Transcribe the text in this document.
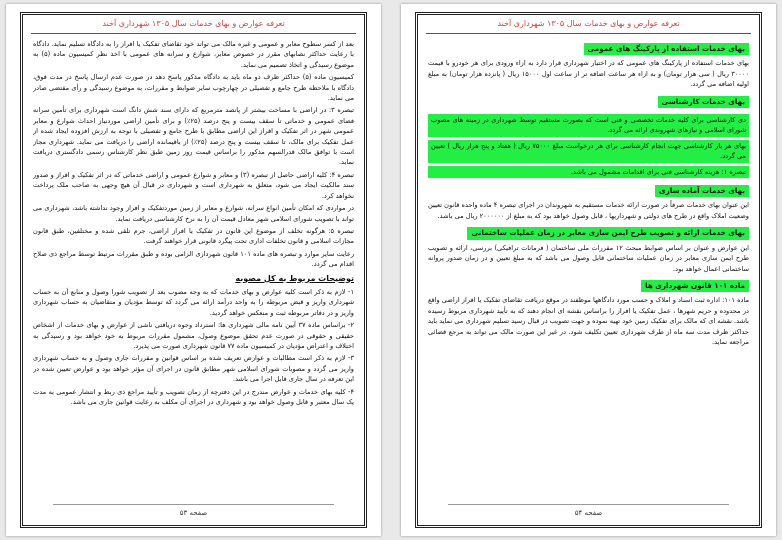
تعرفه عوارض و بهای خدمات سال ۱۳۰۵ شهرداری آخند

بعد از کسر سطوح معابر و عمومی و غیره مالک می تواند خود تقاضای تفکیک یا افراز را به دادگاه تسلیم نماید. دادگاه با رعایت حداکثر نصابهای مقرر در خصوص معابر، شوارع و سرانه های عمومی با اخذ نظر کمیسیون ماده (۵) به موضوع رسیدگی و اتخاذ تصمیم می نماید.

کمیسیون ماده (۵) حداکثر ظرف دو ماه باید به دادگاه مذکور پاسخ دهد در صورت عدم ارسال پاسخ در مدت فوق، دادگاه با ملاحظه طرح جامع و تفصیلی در چهارچوب سایر ضوابط و مقررات، به موضوع رسیدگی و رأی مقتضی صادر می نماید.

تبصره ۳: در اراضی با مساحت بیشتر از پانصد مترمربع که دارای سند شش دانگ است شهرداری برای تأمین سرانه فضای عمومی و خدماتی تا سقف بیست و پنج درصد (۲۵٪) و برای تأمین اراضی موردنیاز احداث شوارع و معابر عمومی شهر در اثر تفکیک و افراز این اراضی مطابق با طرح جامع و تفصیلی با توجه به ارزش افزوده ایجاد شده از عمل تفکیک برای مالک، تا سقف بیست و پنج درصد (۲۵٪) از باقیمانده اراضی را دریافت می نماید. شهرداری مجاز است با توافق مالک قدرالسهم مذکور را براساس قیمت روز زمین طبق نظر کارشناس رسمی دادگستری دریافت نماید.

تبصره ۴: کلیه اراضی حاصل از تبصره (۳) و معابر و شوارع عمومی و اراضی خدماتی که در اثر تفکیک و افراز و صدور سند مالکیت ایجاد می شود، متعلق به شهرداری است و شهرداری در قبال آن هیچ وجهی به صاحب ملک پرداخت نخواهد کرد.

در مواردی که امکان تأمین انواع سرانه، شوارع و معابر از زمین موردتفکیک و افراز وجود نداشته باشد، شهرداری می تواند با تصویب شورای اسلامی شهر معادل قیمت آن را به نرخ کارشناسی دریافت نماید.

تبصره ۵: هرگونه تخلف از موضوع این قانون در تفکیک یا افراز اراضی، جرم تلقی شده و مختلفین، طبق قانون مجازات اسلامی و قانون تخلفات اداری تحت پیگرد قانونی قرار خواهند گرفت.

رعایت سایر موارد و تبصره های ماده ۱۰۱ قانون شهرداری الزامی بوده و طبق مقررات مرتبط توسط مراجع ذی صلاح اقدام می گردد.

توضیحات مربوط به کل مصوبه

۱- لازم به ذکر است کلیه عوارض و بهای خدمات که به وجه مصوب بعد از تصویب شورا وصول و منابع آن به حساب شهرداری واریز و قبض مربوطه را به واحد درآمد ارائه می گردد که توسط مؤدیان و متقاضیان به حساب شهرداری واریز و در دفاتر مربوطه ثبت و منعکس خواهد گردید.

۲- براساس ماده ۳۷ آیین نامه مالی شهرداری ها: استرداد وجوه دریافتی ناشی از عوارض و بهای خدمات از اشخاص حقیقی و حقوقی در صورت عدم تحقق موضوع وصول، مشمول مقررات مربوط به خود خواهد بود و رسیدگی به اختلاف و اعتراض مؤدیان در کمیسیون ماده ۷۷ قانون شهرداری صورت می پذیرد.

۳- لازم به ذکر است مطالبات و عوارض تعریف شده بر اساس قوانین و مقررات جاری وصول و به حساب شهرداری واریز می گردد و مصوبات شورای اسلامی شهر مطابق قانون در اجرای آن مؤثر خواهد بود و عوارض تعیین شده در این تعرفه در سال جاری قابل اجرا می باشد.

۴- کلیه بهای خدمات و عوارض مندرج در این دفترچه از زمان تصویب و تأیید مراجع ذی ربط و انتشار عمومی به مدت یک سال معتبر و قابل وصول خواهد بود و شهرداری در اجرای آن مکلف به رعایت قوانین جاری می باشد.

۵۳ صفحه
تعرفه عوارض و بهای خدمات سال ۱۳۰۵ شهرداری آخند
بهای خدمات استفاده از پارکینگ های عمومی

بهای خدمات استفاده از پارکینگ های عمومی که در اختیار شهرداری قرار دارد به ازاء ورودی برای هر خودرو با قیمت ۳۰۰۰۰ ریال ( سی هزار تومان) و به ازاء هر ساعت اضافه تر از ساعت اول ۱۵۰۰۰ ریال ( پانزده هزار تومان) به مبلغ اولیه اضافه می گردد.

بهای خدمات کارشناسی
دی کارشناسی برای کلیه خدمات تخصصی و فنی است که بصورت مستقیم توسط شهرداری در زمینه های مصوب شورای اسلامی و نیازهای شهروندی ارائه می گردد.
بهای هر بار کارشناسی جهت انجام کارشناسی برای هر درخواست مبلغ ۷۵۰۰۰ ریال ( هفتاد و پنج هزار ریال ) تعیین می گردد.
تبصره ۱: هزینه کارشناسی فنی برای اقدامات مشمول می باشد.
بهای خدمات آماده سازی

این عنوان بهای خدمات صرفاً در صورت ارائه خدمات مستقیم به شهروندان در اجرای تبصره ۴ ماده واحده قانون تعیین وضعیت املاک واقع در طرح های دولتی و شهرداریها ، قابل وصول خواهد بود که به مبلغ از ۲۰۰۰۰۰۰ ریال می باشد.

بهای خدمات ارائه و تصویب طرح ایمن سازی معابر در زمان عملیات ساختمانی

این عوارض و عنوان بر اساس ضوابط مبحث ۱۲ مقررات ملی ساختمان ( فرمانات ترافیکی) بررسی، ارائه و تصویب طرح ایمن سازی معابر در زمان عملیات ساختمانی قابل وصول می باشد که به مبلغ تعیین و در زمان صدور پروانه ساختمانی اعمال خواهد بود.

ماده ۱۰۱ قانون شهرداری ها

ماده ۱۰۱: اداره ثبت اسناد و املاک و حسب مورد دادگاهها موظفند در موقع دریافت تقاضای تفکیک یا افراز اراضی واقع در محدوده و حریم شهرها ، عمل تفکیک یا افراز را براساس نقشه ای انجام دهند که به تأیید شهرداری مربوط رسیده باشد. نقشه ای که مالک برای تفکیک زمین خود تهیه نموده و جهت تصویب در قبال رسید تسلیم شهرداری می نماید باید حداکثر ظرف مدت سه ماه از طرف شهرداری تعیین تکلیف شود. در غیر این صورت مالک می تواند به مرجع قضائی مراجعه نماید.

۵۴ صفحه
